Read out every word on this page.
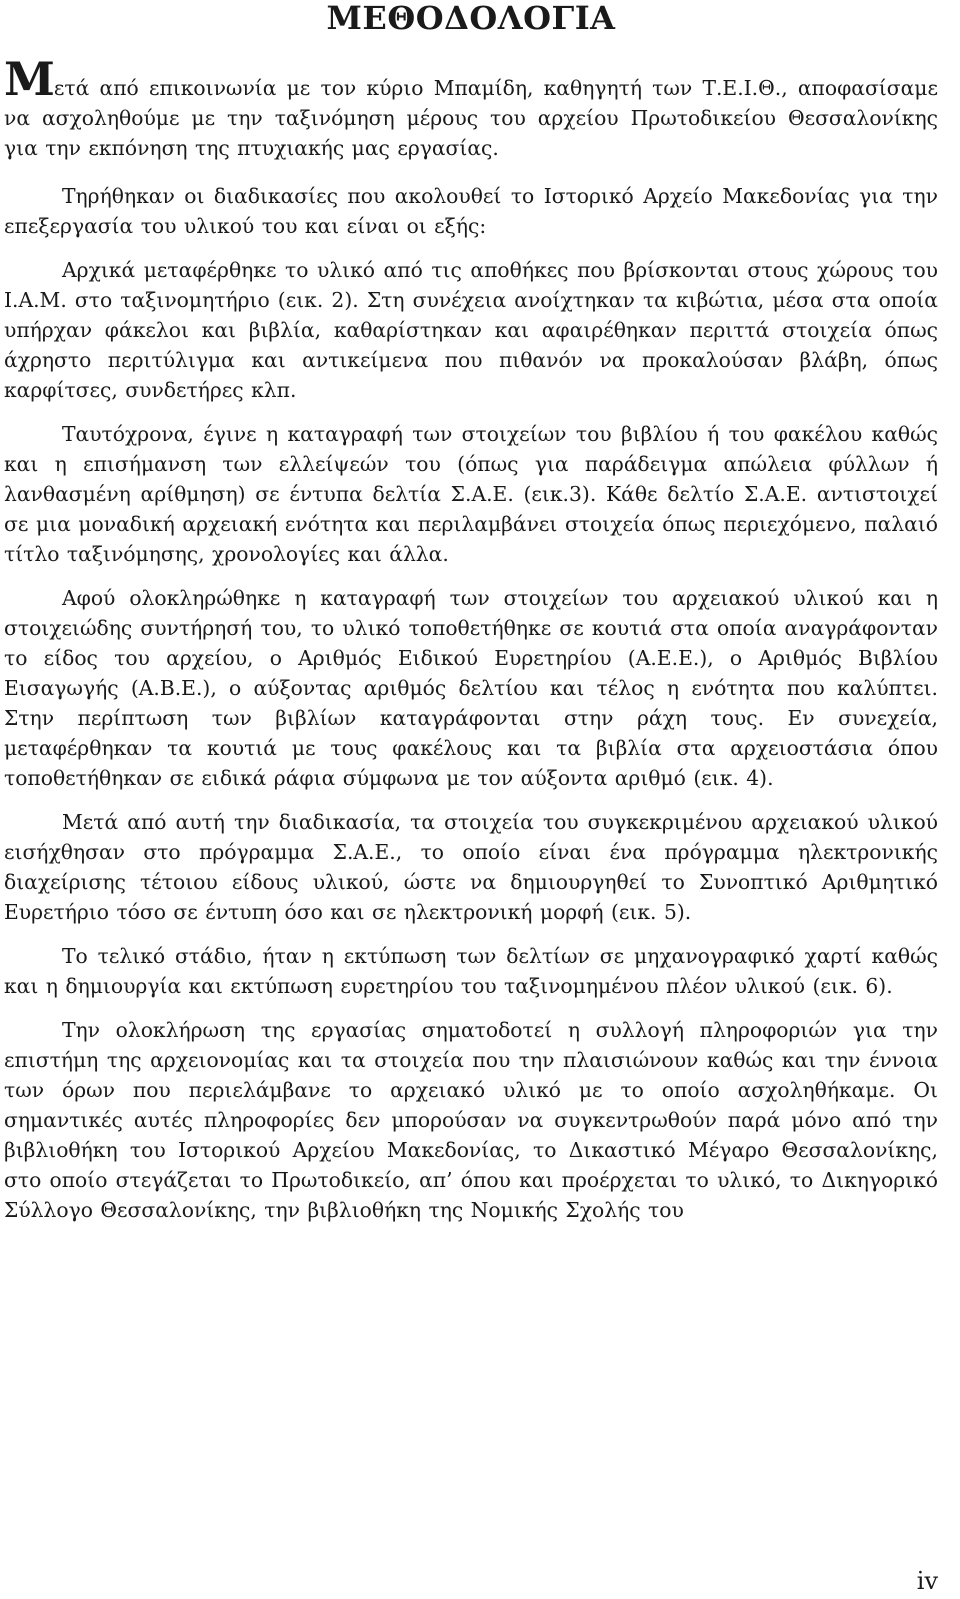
ΜΕΘΟΔΟΛΟΓΙΑ

Μετά από επικοινωνία με τον κύριο Μπαμίδη, καθηγητή των Τ.Ε.Ι.Θ., αποφασίσαμε να ασχοληθούμε με την ταξινόμηση μέρους του αρχείου Πρωτοδικείου Θεσσαλονίκης για την εκπόνηση της πτυχιακής μας εργασίας.

Τηρήθηκαν οι διαδικασίες που ακολουθεί το Ιστορικό Αρχείο Μακεδονίας για την επεξεργασία του υλικού του και είναι οι εξής:

Αρχικά μεταφέρθηκε το υλικό από τις αποθήκες που βρίσκονται στους χώρους του Ι.Α.Μ. στο ταξινομητήριο (εικ. 2). Στη συνέχεια ανοίχτηκαν τα κιβώτια, μέσα στα οποία υπήρχαν φάκελοι και βιβλία, καθαρίστηκαν και αφαιρέθηκαν περιττά στοιχεία όπως άχρηστο περιτύλιγμα και αντικείμενα που πιθανόν να προκαλούσαν βλάβη, όπως καρφίτσες, συνδετήρες κλπ.

Ταυτόχρονα, έγινε η καταγραφή των στοιχείων του βιβλίου ή του φακέλου καθώς και η επισήμανση των ελλείψεών του (όπως για παράδειγμα απώλεια φύλλων ή λανθασμένη αρίθμηση) σε έντυπα δελτία Σ.Α.Ε. (εικ.3). Κάθε δελτίο Σ.Α.Ε. αντιστοιχεί σε μια μοναδική αρχειακή ενότητα και περιλαμβάνει στοιχεία όπως περιεχόμενο, παλαιό τίτλο ταξινόμησης, χρονολογίες και άλλα.

Αφού ολοκληρώθηκε η καταγραφή των στοιχείων του αρχειακού υλικού και η στοιχειώδης συντήρησή του, το υλικό τοποθετήθηκε σε κουτιά στα οποία αναγράφονταν το είδος του αρχείου, ο Αριθμός Ειδικού Ευρετηρίου (Α.Ε.Ε.), ο Αριθμός Βιβλίου Εισαγωγής (Α.Β.Ε.), ο αύξοντας αριθμός δελτίου και τέλος η ενότητα που καλύπτει. Στην περίπτωση των βιβλίων καταγράφονται στην ράχη τους. Εν συνεχεία, μεταφέρθηκαν τα κουτιά με τους φακέλους και τα βιβλία στα αρχειοστάσια όπου τοποθετήθηκαν σε ειδικά ράφια σύμφωνα με τον αύξοντα αριθμό (εικ. 4).

Μετά από αυτή την διαδικασία, τα στοιχεία του συγκεκριμένου αρχειακού υλικού εισήχθησαν στο πρόγραμμα Σ.Α.Ε., το οποίο είναι ένα πρόγραμμα ηλεκτρονικής διαχείρισης τέτοιου είδους υλικού, ώστε να δημιουργηθεί το Συνοπτικό Αριθμητικό Ευρετήριο τόσο σε έντυπη όσο και σε ηλεκτρονική μορφή (εικ. 5).

Το τελικό στάδιο, ήταν η εκτύπωση των δελτίων σε μηχανογραφικό χαρτί καθώς και η δημιουργία και εκτύπωση ευρετηρίου του ταξινομημένου πλέον υλικού (εικ. 6).

Την ολοκλήρωση της εργασίας σηματοδοτεί η συλλογή πληροφοριών για την επιστήμη της αρχειονομίας και τα στοιχεία που την πλαισιώνουν καθώς και την έννοια των όρων που περιελάμβανε το αρχειακό υλικό με το οποίο ασχοληθήκαμε. Οι σημαντικές αυτές πληροφορίες δεν μπορούσαν να συγκεντρωθούν παρά μόνο από την βιβλιοθήκη του Ιστορικού Αρχείου Μακεδονίας, το Δικαστικό Μέγαρο Θεσσαλονίκης, στο οποίο στεγάζεται το Πρωτοδικείο, απ’ όπου και προέρχεται το υλικό, το Δικηγορικό Σύλλογο Θεσσαλονίκης, την βιβλιοθήκη της Νομικής Σχολής του

iv
